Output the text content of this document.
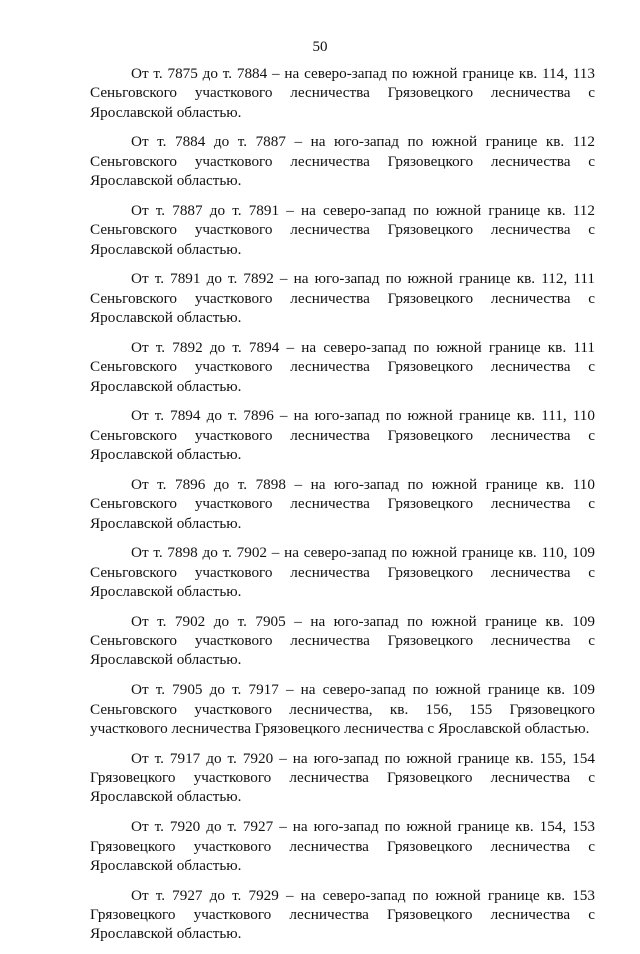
50

От т. 7875 до т. 7884 – на северо-запад по южной границе кв. 114, 113 Сеньговского участкового лесничества Грязовецкого лесничества с Ярославской областью.

От т. 7884 до т. 7887 – на юго-запад по южной границе кв. 112 Сеньговского участкового лесничества Грязовецкого лесничества с Ярославской областью.

От т. 7887 до т. 7891 – на северо-запад по южной границе кв. 112 Сеньговского участкового лесничества Грязовецкого лесничества с Ярославской областью.

От т. 7891 до т. 7892 – на юго-запад по южной границе кв. 112, 111 Сеньговского участкового лесничества Грязовецкого лесничества с Ярославской областью.

От т. 7892 до т. 7894 – на северо-запад по южной границе кв. 111 Сеньговского участкового лесничества Грязовецкого лесничества с Ярославской областью.

От т. 7894 до т. 7896 – на юго-запад по южной границе кв. 111, 110 Сеньговского участкового лесничества Грязовецкого лесничества с Ярославской областью.

От т. 7896 до т. 7898 – на юго-запад по южной границе кв. 110 Сеньговского участкового лесничества Грязовецкого лесничества с Ярославской областью.

От т. 7898 до т. 7902 – на северо-запад по южной границе кв. 110, 109 Сеньговского участкового лесничества Грязовецкого лесничества с Ярославской областью.

От т. 7902 до т. 7905 – на юго-запад по южной границе кв. 109 Сеньговского участкового лесничества Грязовецкого лесничества с Ярославской областью.

От т. 7905 до т. 7917 – на северо-запад по южной границе кв. 109 Сеньговского участкового лесничества, кв. 156, 155 Грязовецкого участкового лесничества Грязовецкого лесничества с Ярославской областью.

От т. 7917 до т. 7920 – на юго-запад по южной границе кв. 155, 154 Грязовецкого участкового лесничества Грязовецкого лесничества с Ярославской областью.

От т. 7920 до т. 7927 – на юго-запад по южной границе кв. 154, 153 Грязовецкого участкового лесничества Грязовецкого лесничества с Ярославской областью.

От т. 7927 до т. 7929 – на северо-запад по южной границе кв. 153 Грязовецкого участкового лесничества Грязовецкого лесничества с Ярославской областью.
